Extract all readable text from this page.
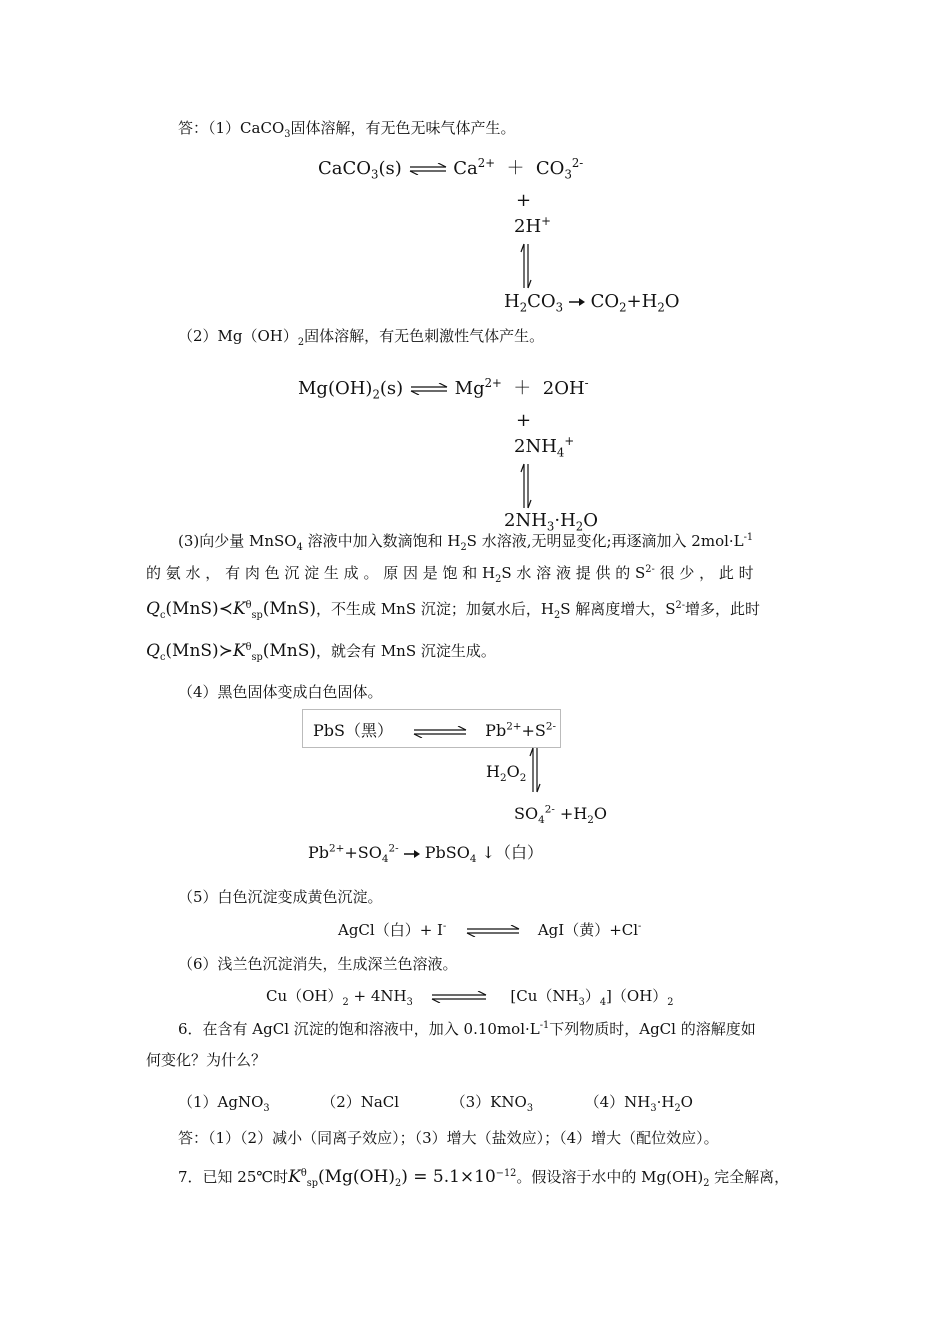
答：（1）CaCO$_3$固体溶解，有无色无味气体产生。
CaCO$_3$(s) ⇌ $Ca^{2+} + CO_3^{2-}$
+
2H+
$H_2CO_3$ $CO_2+H_2O$
$(2)Mg(OH)_2$固体溶解，有无色刺激性气体产生。
$Mg(OH)_2(s)$ ⇌ $Mg^{2+} + 2OH^-$
+
$2NH_4^+$
$2NH_3\cdot H_2O$
(3)向少量 MnSO$_4$ 溶液中加入数滴饱和 $H_2S$ 水溶液,无明显变化;再逐滴加入 $2mol\cdot L^{-1}$
的 氨 水 ， 有 肉 色 沉 淀 生 成 。 原 因 是 饱 和 $H_2S$ 水 溶 液 提 供 的 $S^{2-}$ 很 少 ， 此 时
$Q_c(MnS)≺K^\theta_{sp}(MnS)$，不生成 MnS 沉淀；加氨水后，$H_2S$ 解离度增大，$S^{2-}$增多，此时
$Q_c(MnS)≻K^\theta_{sp}(MnS)$，就会有 MnS 沉淀生成。
（4）黑色固体变成白色固体。
PbS（黑） ⇌ $Pb^{2+}+S^{2-}$
$H_2O_2$
$SO_4^{2-} +H_2O$
$Pb^{2+}+SO_4^{2-}$ PbSO$_4$ ↓（白）
（5）白色沉淀变成黄色沉淀。
AgCl（白）+ I- ⇌ AgI（黄）+Cl-
（6）浅兰色沉淀消失，生成深兰色溶液。
$Cu(OH)_2 + 4NH_3$ ⇌ $[Cu(NH_3)_4](OH)_2$
6．在含有 AgCl 沉淀的饱和溶液中，加入 $0.10mol\cdot L^{-1}$下列物质时，AgCl 的溶解度如
何变化？为什么？
（1）AgNO$_3$	（2）NaCl	$(3)KNO_3$	$(4)NH_3\cdot H_2O$
答：（1）（2）减小（同离子效应）；（3）增大（盐效应）；（4）增大（配位效应）。
7．已知 25℃时$K^\theta_{sp}(Mg(OH)_2) = 5.1\times 10^{-12}$。假设溶于水中的 $Mg(OH)_2$ 完全解离，
